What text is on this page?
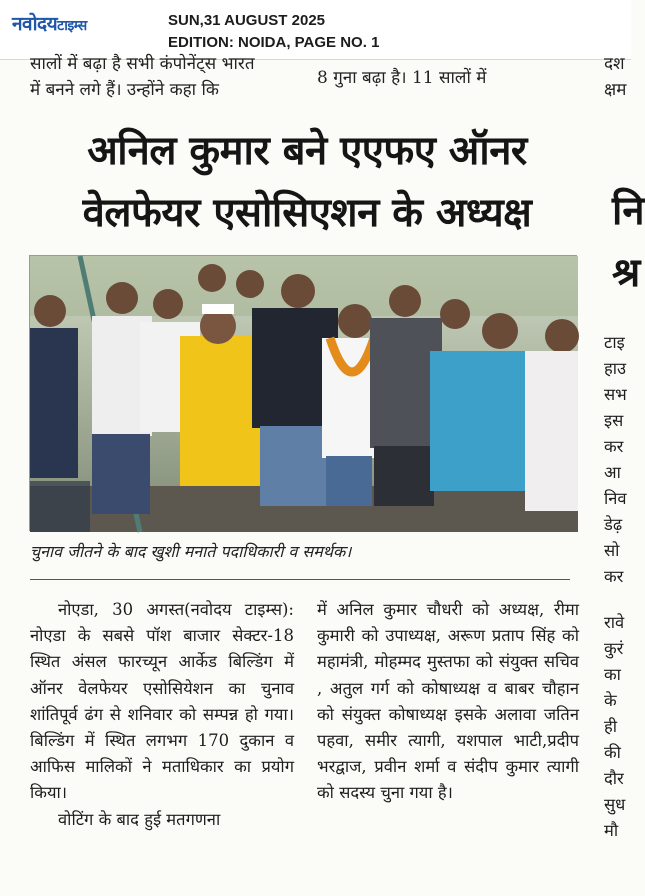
नवोदयटाइम्स	SUN,31 AUGUST 2025
EDITION: NOIDA, PAGE NO. 1
सालों में बढ़ा है सभी कंपोनेंट्स भारत
में बनने लगे हैं। उन्होंने कहा कि
8 गुना बढ़ा है। 11 सालों में
दश
क्षम
अनिल कुमार बने एएफए ऑनर
वेलफेयर एसोसिएशन के अध्यक्ष	नि
श्र
चुनाव जीतने के बाद खुशी मनाते पदाधिकारी व समर्थक।

नोएडा, 30 अगस्त(नवोदय टाइम्स): नोएडा के सबसे पॉश बाजार सेक्टर-18 स्थित अंसल फारच्यून आर्केड बिल्डिंग में ऑनर वेलफेयर एसोसियेशन का चुनाव शांतिपूर्व ढंग से शनिवार को सम्पन्न हो गया। बिल्डिंग में स्थित लगभग 170 दुकान व आफिस मालिकों ने मताधिकार का प्रयोग किया।

वोटिंग के बाद हुई मतगणना

में अनिल कुमार चौधरी को अध्यक्ष, रीमा कुमारी को उपाध्यक्ष, अरूण प्रताप सिंह को महामंत्री, मोहम्मद मुस्तफा को संयुक्त सचिव , अतुल गर्ग को कोषाध्यक्ष व बाबर चौहान को संयुक्त कोषाध्यक्ष इसके अलावा जतिन पहवा, समीर त्यागी, यशपाल भाटी,प्रदीप भरद्वाज, प्रवीन शर्मा व संदीप कुमार त्यागी को सदस्य चुना गया है।

टाइ
हाउ
सभ
इस
कर
आ
निव
डेढ़
सो
कर
रावे
कुरं
का
के
ही
की
दौर
सुध
मौ
